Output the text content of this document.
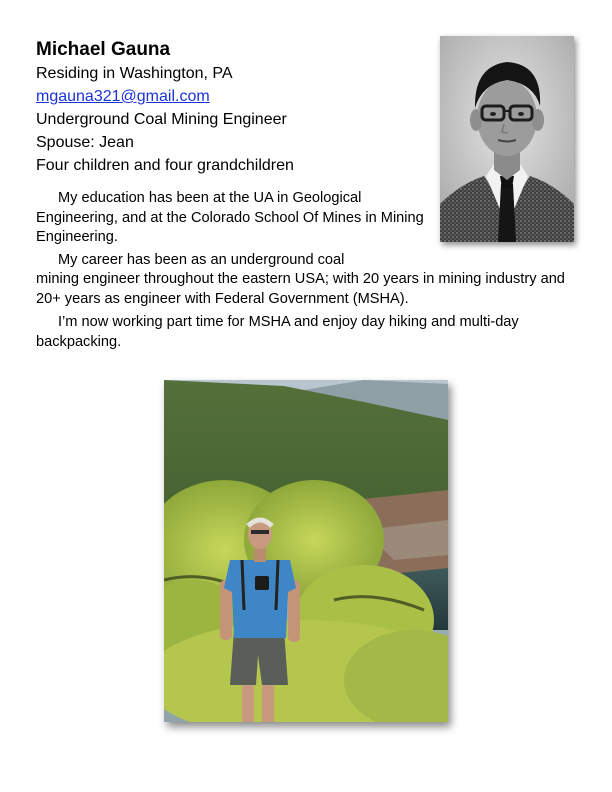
Michael Gauna
Residing in Washington, PA
mgauna321@gmail.com
Underground Coal Mining Engineer
Spouse: Jean
Four children and four grandchildren

My education has been at the UA in Geological Engineering, and at the Colorado School Of Mines in Mining Engineering.

My career has been as an underground coal
mining engineer throughout the eastern USA; with 20 years in mining industry and 20+ years as engineer with Federal Government (MSHA).

I’m now working part time for MSHA and enjoy day hiking and multi-day backpacking.
